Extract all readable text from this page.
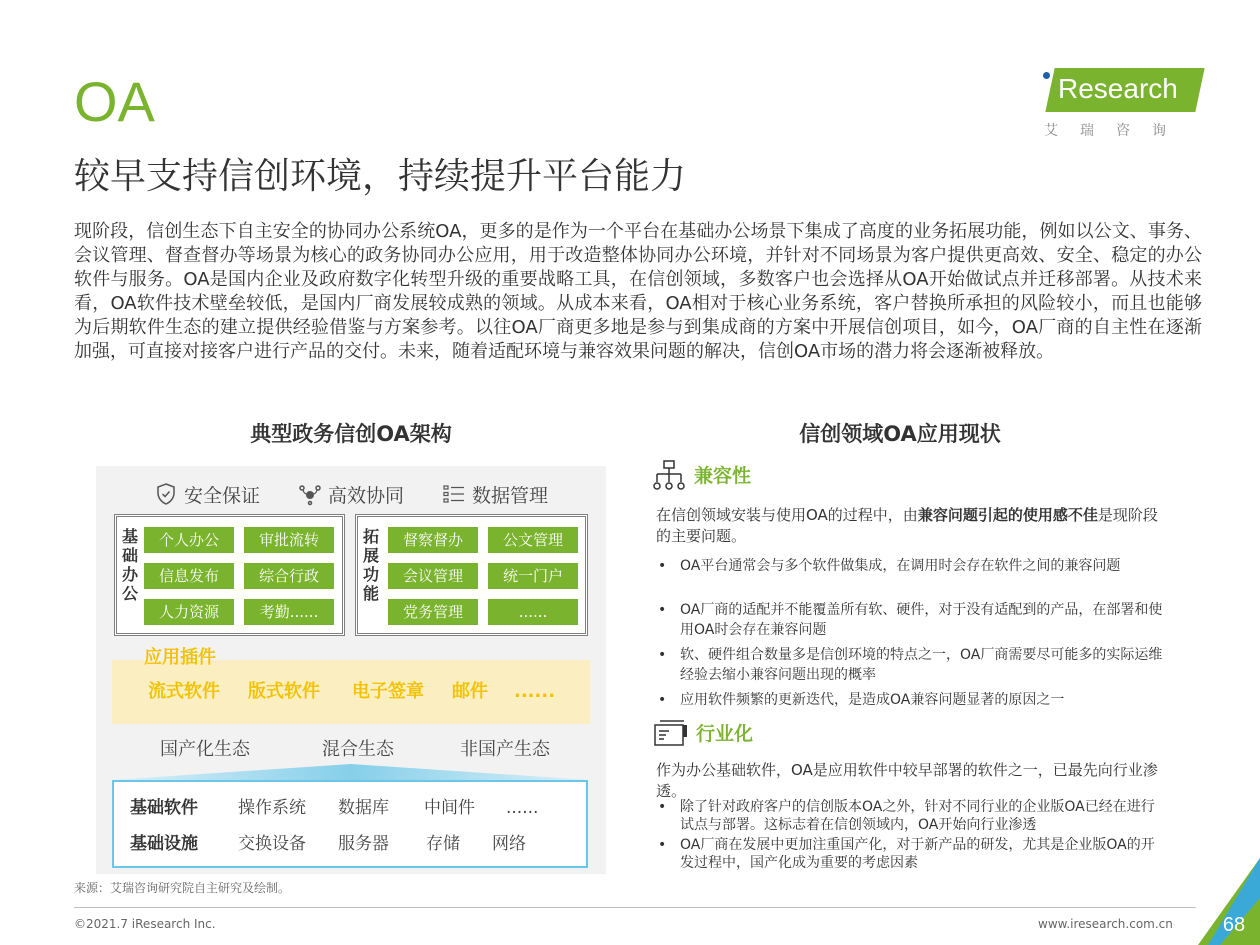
OA
较早支持信创环境，持续提升平台能力
Research
艾瑞咨询
现阶段，信创生态下自主安全的协同办公系统OA，更多的是作为一个平台在基础办公场景下集成了高度的业务拓展功能，例如以公文、事务、会议管理、督查督办等场景为核心的政务协同办公应用，用于改造整体协同办公环境，并针对不同场景为客户提供更高效、安全、稳定的办公软件与服务。OA是国内企业及政府数字化转型升级的重要战略工具，在信创领域，多数客户也会选择从OA开始做试点并迁移部署。从技术来看，OA软件技术壁垒较低，是国内厂商发展较成熟的领域。从成本来看，OA相对于核心业务系统，客户替换所承担的风险较小，而且也能够为后期软件生态的建立提供经验借鉴与方案参考。以往OA厂商更多地是参与到集成商的方案中开展信创项目，如今，OA厂商的自主性在逐渐加强，可直接对接客户进行产品的交付。未来，随着适配环境与兼容效果问题的解决，信创OA市场的潜力将会逐渐被释放。
典型政务信创OA架构
安全保证	高效协同	数据管理
基础办公
个人办公	审批流转
信息发布	综合行政
人力资源	考勤......
拓展功能
督察督办	公文管理
会议管理	统一门户
党务管理	......
应用插件
流式软件 版式软件 电子签章 邮件 ......
国产化生态	混合生态	非国产生态
基础软件 操作系统 数据库 中间件 ......
基础设施 交换设备 服务器 存储 网络
来源：艾瑞咨询研究院自主研究及绘制。
信创领域OA应用现状
兼容性
在信创领域安装与使用OA的过程中，由兼容问题引起的使用感不佳是现阶段的主要问题。
• OA平台通常会与多个软件做集成，在调用时会存在软件之间的兼容问题
• OA厂商的适配并不能覆盖所有软、硬件，对于没有适配到的产品，在部署和使用OA时会存在兼容问题
• 软、硬件组合数量多是信创环境的特点之一，OA厂商需要尽可能多的实际运维经验去缩小兼容问题出现的概率
• 应用软件频繁的更新迭代，是造成OA兼容问题显著的原因之一
行业化
作为办公基础软件，OA是应用软件中较早部署的软件之一，已最先向行业渗透。
• 除了针对政府客户的信创版本OA之外，针对不同行业的企业版OA已经在进行试点与部署。这标志着在信创领域内，OA开始向行业渗透
• OA厂商在发展中更加注重国产化，对于新产品的研发，尤其是企业版OA的开发过程中，国产化成为重要的考虑因素
©2021.7 iResearch Inc.	www.iresearch.com.cn	68
